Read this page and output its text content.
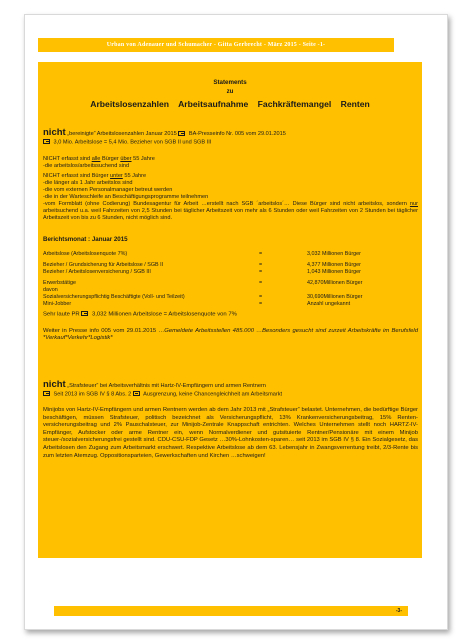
Urban von Adenauer und Schumacher - Gitta Gerbrecht - März 2015 - Seite -1-
Statements
zu
Arbeitslosenzahlen Arbeitsaufnahme Fachkräftemangel Renten
nicht „bereinigte“ Arbeitslosenzahlen Januar 2015  BA-Presseinfo Nr. 005 vom 29.01.2015
3,0 Mio. Arbeitslose = 5,4 Mio. Bezieher von SGB II und SGB III
NICHT erfasst sind alle Bürger über 55 Jahre
-die arbeitslos/arbeitssuchend sind
NICHT erfasst sind Bürger unter 55 Jahre
-die länger als 1 Jahr arbeitslos sind
-die vom externen Personalmanager betreut werden
-die in der Warteschleife an Beschäftigungsprogramme teilnehmen
-vom Formblatt (ohne Codierung) Bundesagentur für Arbeit …erstellt nach SGB ´arbeitslos´… Diese Bürger sind nicht arbeitslos, sondern nur arbeitsuchend u.a. weil Fahrzeiten von 2,5 Stunden bei täglicher Arbeitszeit von mehr als 6 Stunden oder weil Fahrzeiten von 2 Stunden bei täglicher Arbeitszeit von bis zu 6 Stunden, nicht möglich sind.
Berichtsmonat : Januar 2015
Arbeitslose (Arbeitslosenquote 7%)	=	3,032 Millionen Bürger
Bezieher / Grundsicherung für Arbeitslose / SGB II	=	4,377 Millionen Bürger
Bezieher / Arbeitslosenversicherung / SGB III	=	1,043 Millionen Bürger
Erwerbstätige	=	42,870Millionen Bürger
davon
Sozialversicherungspflichtig Beschäftigte (Voll- und Teilzeit)	=	30,690Millionen Bürger
Mini-Jobber	=	Anzahl ungekannt
Sehr laute PR  3,032 Millionen Arbeitslose = Arbeitslosenquote von 7%
Weiter in Presse info 005 vom 29.01.2015 …Gemeldete Arbeitsstellen 485.000 …Besonders gesucht sind zurzeit Arbeitskräfte im Berufsfeld *Verkauf*Verkehr*Logistik*
nicht „Strafsteuer“ bei Arbeitsverhältnis mit Hartz-IV-Empfängern und armen Rentnern
Seit 2013 im SGB IV § 8 Abs. 2  Ausgrenzung, keine Chancengleichheit am Arbeitsmarkt
Minijobs von Hartz-IV-Empfängern und armen Rentnern werden ab dem Jahr 2013 mit „Strafsteuer“ belastet. Unternehmen, die bedürftige Bürger beschäftigen, müssen Strafsteuer, politisch bezeichnet als Versicherungspflicht, 13% Krankenversicherungsbeitrag, 15% Renten-versicherungsbeitrag und 2% Pauschalsteuer, zur Minijob-Zentrale Knappschaft entrichten. Welches Unternehmen stellt noch HARTZ-IV-Empfänger, Aufstocker oder arme Rentner ein, wenn Normalverdiener und gutsituierte Rentner/Pensionäre mit einem Minijob steuer-/sozialversicherungsfrei gestellt sind. CDU-CSU-FDP Gesetz …30%-Lohnkosten-sparen… seit 2013 im SGB IV § 8. Ein Sozialgesetz, das Arbeitslosen den Zugang zum Arbeitsmarkt erschwert. Respektive Arbeitslose ab dem 63. Lebensjahr in Zwangsverrentung treibt, 2/3-Rente bis zum letzten Atemzug. Oppositionsparteien, Gewerkschaften und Kirchen …schweigen!
-3-
